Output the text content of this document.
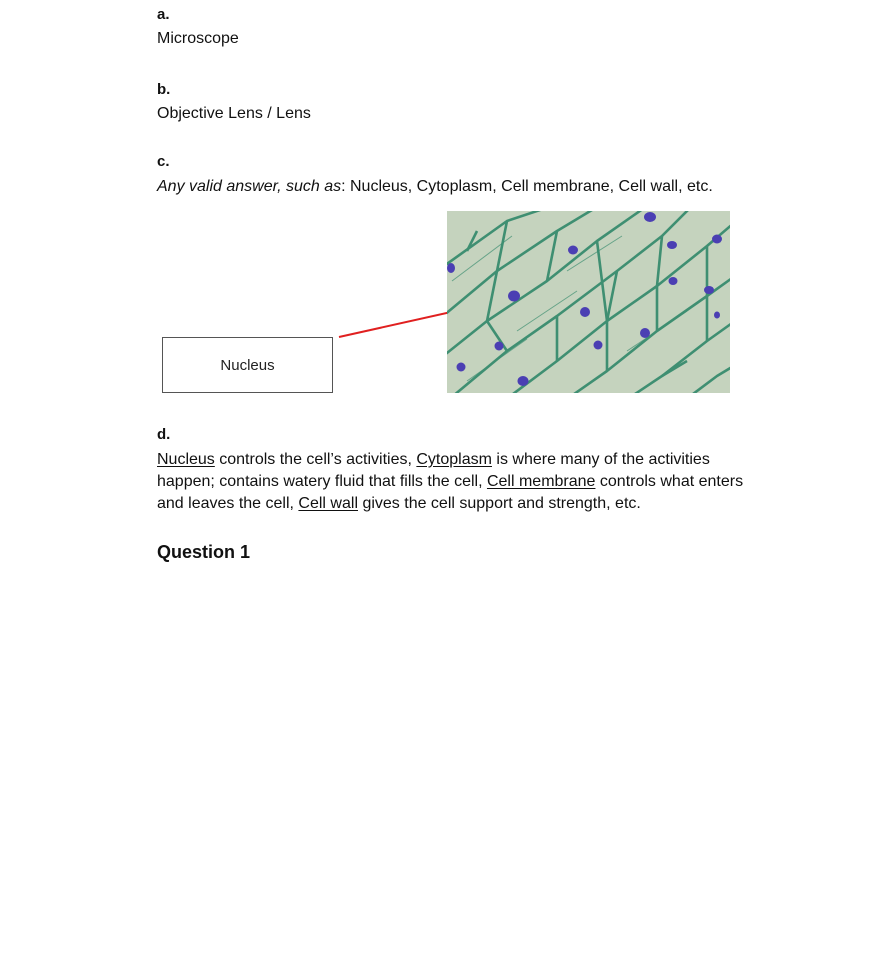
a.
Microscope
b.
Objective Lens / Lens
c.
Any valid answer, such as: Nucleus, Cytoplasm, Cell membrane, Cell wall, etc.
Nucleus
d.
Nucleus controls the cell’s activities, Cytoplasm is where many of the activities happen; contains watery fluid that fills the cell, Cell membrane controls what enters and leaves the cell, Cell wall gives the cell support and strength, etc.
Question 1
